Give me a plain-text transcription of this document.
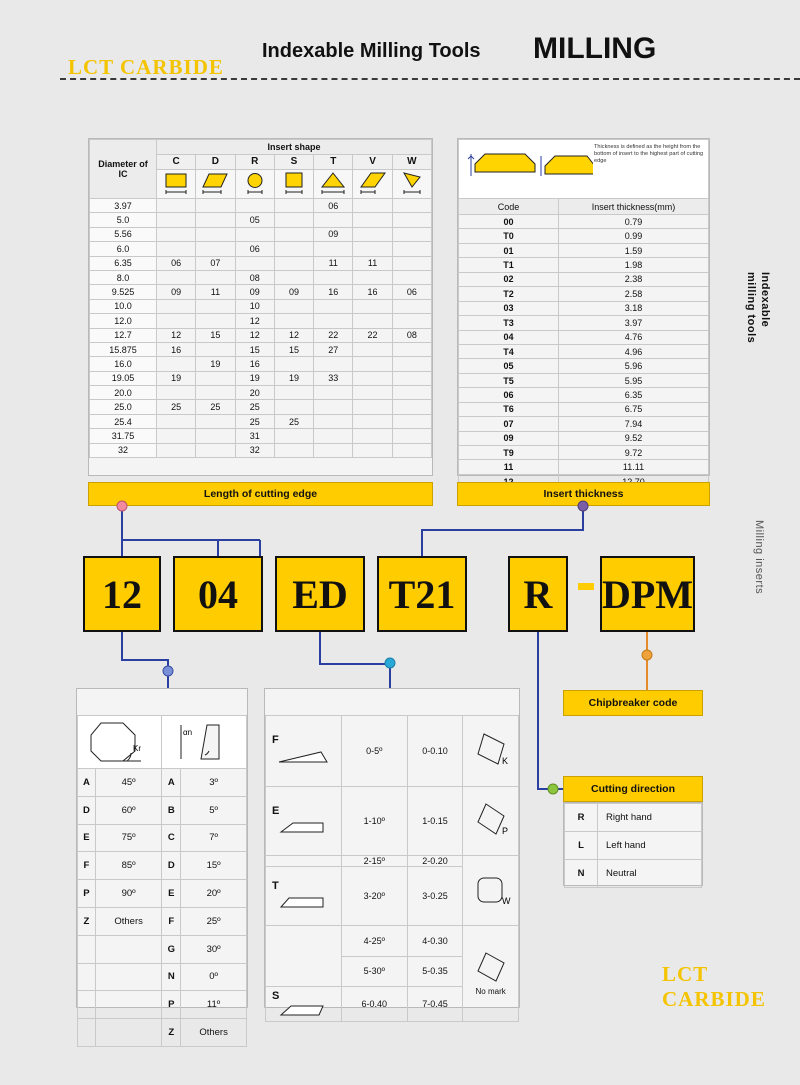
LCT CARBIDE
Indexable Milling Tools MILLING
LCT CARBIDE
Indexable
milling tools
Milling inserts
Diameter of
IC	Insert shape						
	C	D	R	S	T	V	W

3.97					06		
5.0			05				
5.56					09		
6.0			06				
6.35	06	07			11	11	
8.0			08				
9.525	09	11	09	09	16	16	06
10.0			10				
12.0			12				
12.7	12	15	12	12	22	22	08
15.875	16		15	15	27		
16.0		19	16				
19.05	19		19	19	33		
20.0			20				
25.0	25	25	25				
25.4			25	25			
31.75			31				
32			32				
Length of cutting edge
Thickness is defined as the height from the bottom of insert to the highest part of cutting edge
Code	Insert thickness(mm)
00	0.79
T0	0.99
01	1.59
T1	1.98
02	2.38
T2	2.58
03	3.18
T3	3.97
04	4.76
T4	4.96
05	5.96
T5	5.95
06	6.35
T6	6.75
07	7.94
09	9.52
T9	9.72
11	11.11

Insert thickness
12 04 ED T21 R DPM
Kr		αn	

A	45º	A	3º
D	60º	B	5º
E	75º	C	7º
F	85º	D	15º
P	90º	E	20º
Z	Others	F	25º
		G	30º
		N	0º
		P	11º
		Z	Others
F	0-5º	0-0.10	K

E	1-10º	1-0.15	P

	2-15º	2-0.20	W

T	3-20º	3-0.25	
	4-25º	4-0.30	No mark

	5-30º	5-0.35	

S	6-0.40	7-0.45	
Chipbreaker code
Cutting direction
R	Right hand
L	Left hand
N	Neutral
